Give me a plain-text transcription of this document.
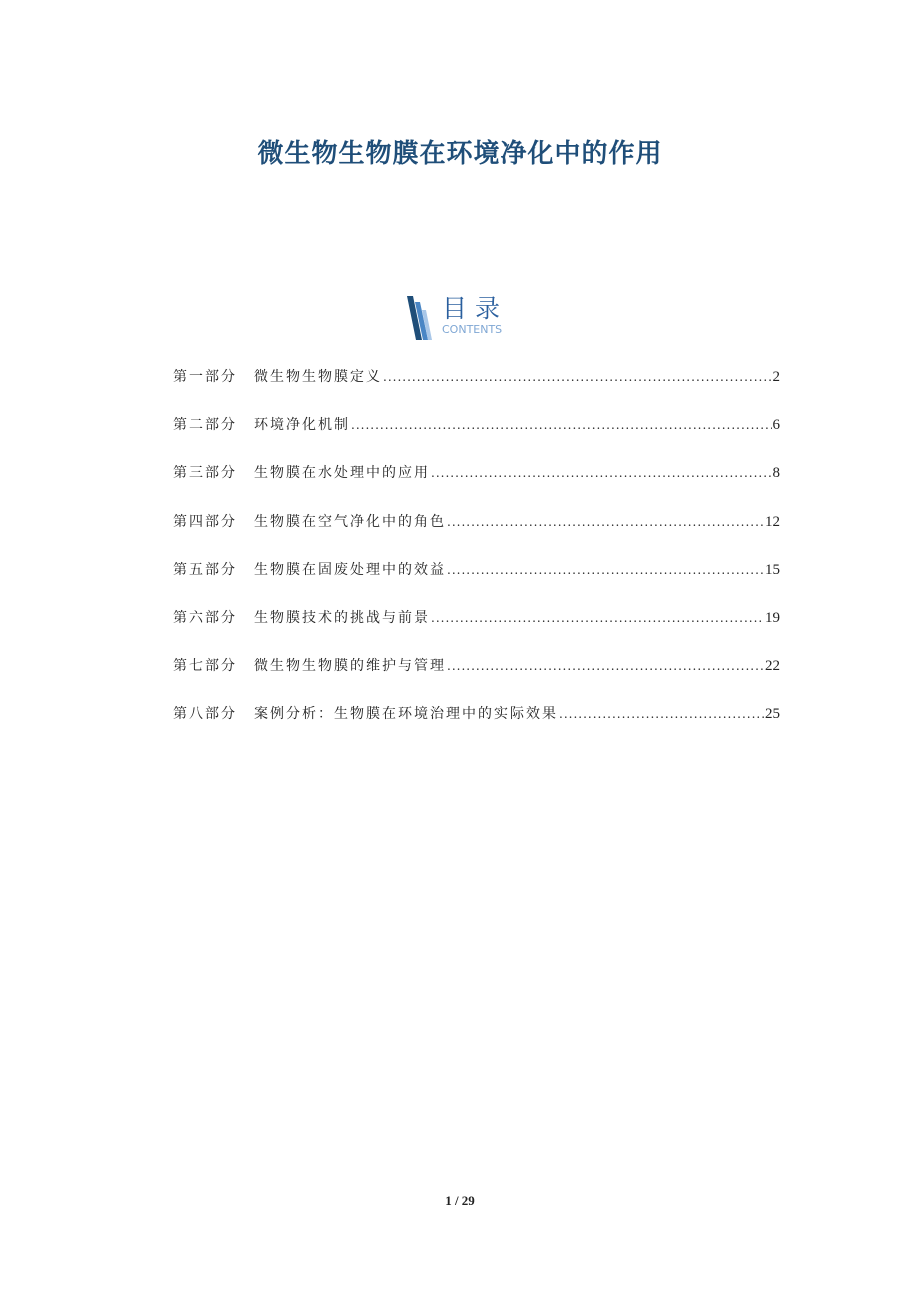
微生物生物膜在环境净化中的作用
目录
CONTENTS
第一部分	微生物生物膜定义 .....	2
第二部分	环境净化机制 .....	6
第三部分	生物膜在水处理中的应用 .....	8
第四部分	生物膜在空气净化中的角色 .....	12
第五部分	生物膜在固废处理中的效益 .....	15
第六部分	生物膜技术的挑战与前景 .....	19
第七部分	微生物生物膜的维护与管理 .....	22
第八部分	案例分析：生物膜在环境治理中的实际效果 .....	25
1 / 29
